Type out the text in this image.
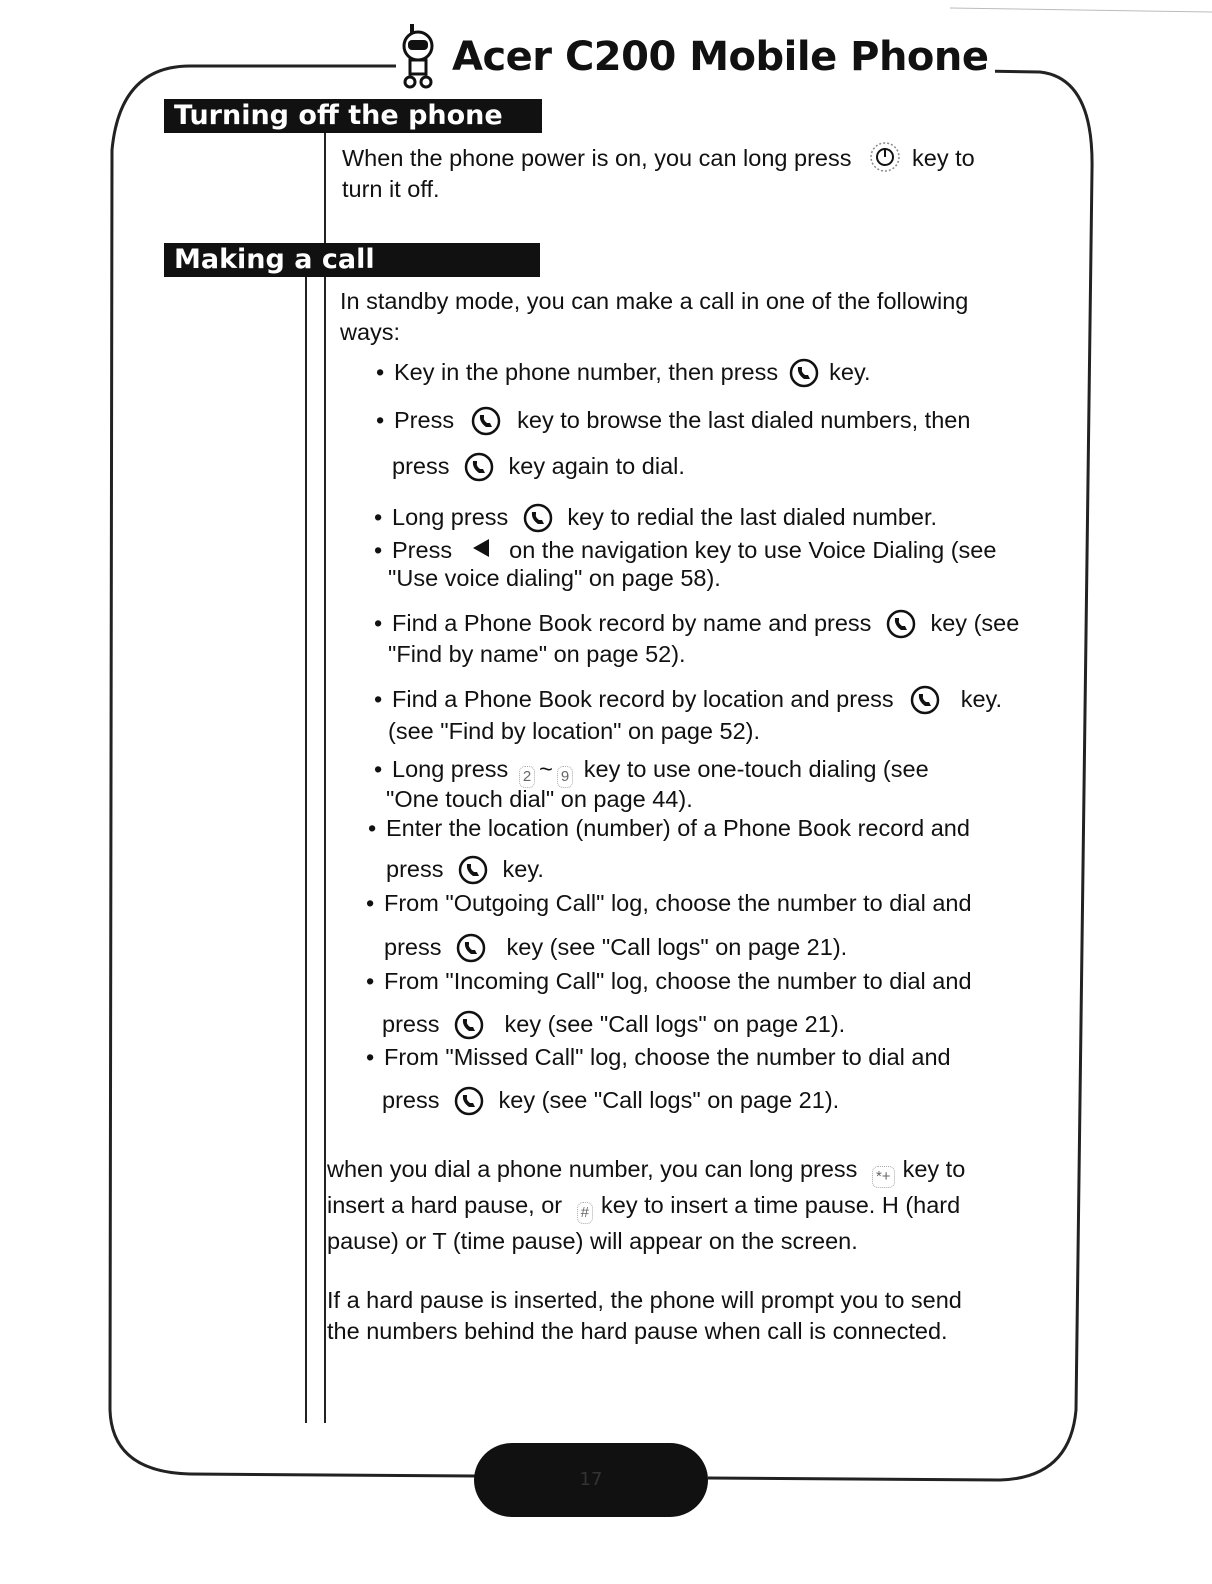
Acer C200 Mobile Phone
Turning off the phone
When the phone power is on, you can long press	key to
turn it off.
Making a call
In standby mode, you can make a call in one of the following
ways:
• Key in the phone number, then press key.
• Press	key to browse the last dialed numbers, then
press	key again to dial.
• Long press	key to redial the last dialed number.
• Press on the navigation key to use Voice Dialing (see
"Use voice dialing" on page 58).
• Find a Phone Book record by name and press	key (see
"Find by name" on page 52).
• Find a Phone Book record by location and press	key.
(see "Find by location" on page 52).
• Long press 2 ~ 9 key to use one-touch dialing (see
"One touch dial" on page 44).
• Enter the location (number) of a Phone Book record and
press	key.
• From "Outgoing Call" log, choose the number to dial and
press	key (see "Call logs" on page 21).
• From "Incoming Call" log, choose the number to dial and
press	key (see "Call logs" on page 21).
• From "Missed Call" log, choose the number to dial and
press	key (see "Call logs" on page 21).
when you dial a phone number, you can long press *+ key to
insert a hard pause, or # key to insert a time pause. H (hard
pause) or T (time pause) will appear on the screen.
If a hard pause is inserted, the phone will prompt you to send
the numbers behind the hard pause when call is connected.
17
